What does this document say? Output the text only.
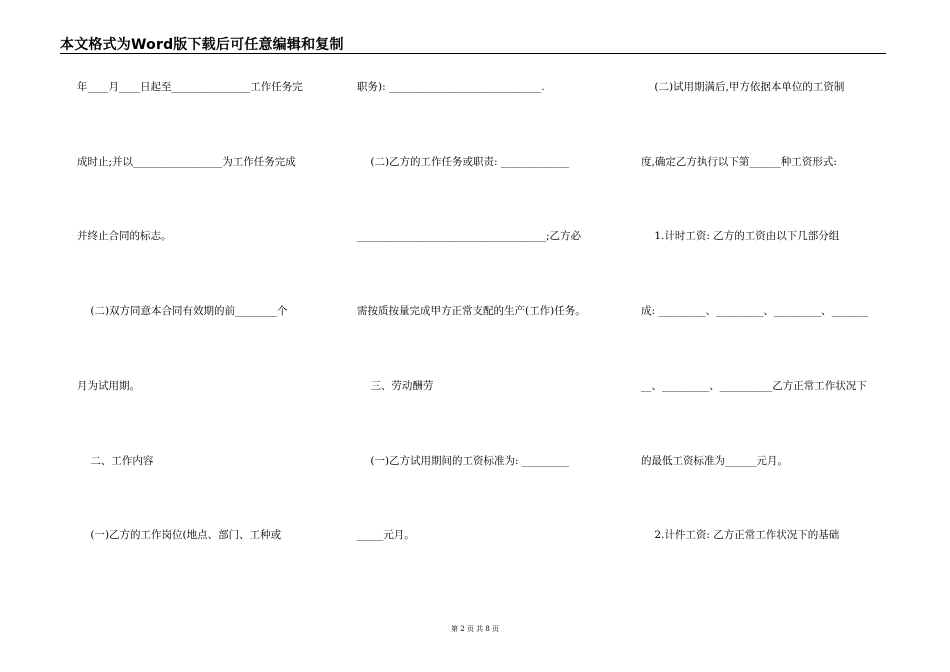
本文格式为Word版下载后可任意编辑和复制
年____月____日起至_______________工作任务完
成时止;并以_________________为工作任务完成
并终止合同的标志。
(二)双方同意本合同有效期的前________个
月为试用期。
二、工作内容
(一)乙方的工作岗位(地点、部门、工种或
职务): _____________________________.
(二)乙方的工作任务或职责: _____________
____________________________________;乙方必
需按质按量完成甲方正常支配的生产(工作)任务。
三、劳动酬劳
(一)乙方试用期间的工资标准为: _________
_____元月。
(二)试用期满后,甲方依据本单位的工资制
度,确定乙方执行以下第______种工资形式:
1.计时工资: 乙方的工资由以下几部分组
成: _________、_________、_________、_______
__、_________、__________乙方正常工作状况下
的最低工资标准为______元月。
2.计件工资: 乙方正常工作状况下的基础
第 2 页 共 8 页
